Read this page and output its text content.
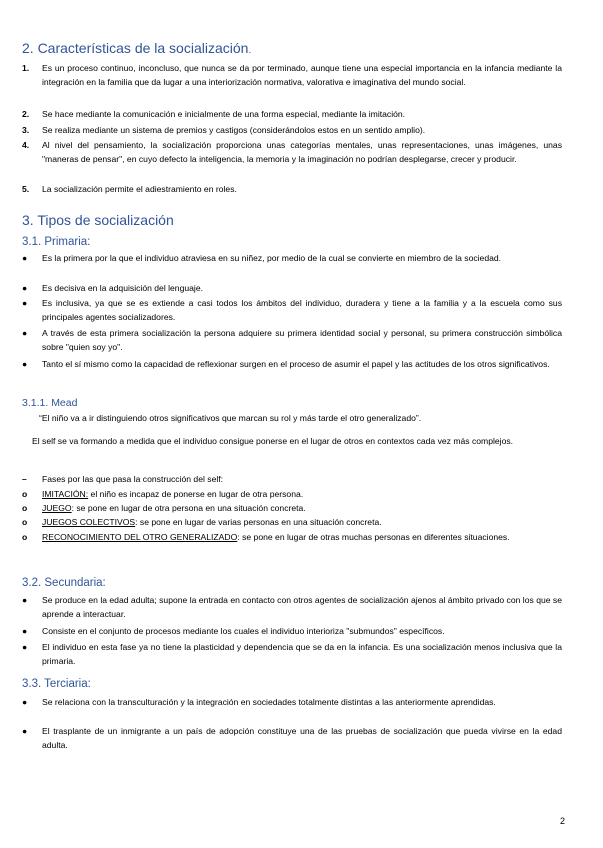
2. Características de la socialización.
1.	Es un proceso continuo, inconcluso, que nunca se da por terminado, aunque tiene una especial importancia en la infancia mediante la integración en la familia que da lugar a una interiorización normativa, valorativa e imaginativa del mundo social.
2.	Se hace mediante la comunicación e inicialmente de una forma especial, mediante la imitación.
3.	Se realiza mediante un sistema de premios y castigos (considerándolos estos en un sentido amplio).
4.	Al nivel del pensamiento, la socialización proporciona unas categorías mentales, unas representaciones, unas imágenes, unas "maneras de pensar", en cuyo defecto la inteligencia, la memoria y la imaginación no podrían desplegarse, crecer y producir.
5.	La socialización permite el adiestramiento en roles.
3. Tipos de socialización
3.1. Primaria:
●	Es la primera por la que el individuo atraviesa en su niñez, por medio de la cual se convierte en miembro de la sociedad.
●	Es decisiva en la adquisición del lenguaje.
●	Es inclusiva, ya que se es extiende a casi todos los ámbitos del individuo, duradera y tiene a la familia y a la escuela como sus principales agentes socializadores.
●	A través de esta primera socialización la persona adquiere su primera identidad social y personal, su primera construcción simbólica sobre "quien soy yo".
●	Tanto el sí mismo como la capacidad de reflexionar surgen en el proceso de asumir el papel y las actitudes de los otros significativos.
3.1.1. Mead
“El niño va a ir distinguiendo otros significativos que marcan su rol y más tarde el otro generalizado”.
El self se va formando a medida que el individuo consigue ponerse en el lugar de otros en contextos cada vez más complejos.
–	Fases por las que pasa la construcción del self:
o	IMITACIÓN: el niño es incapaz de ponerse en lugar de otra persona.
o	JUEGO: se pone en lugar de otra persona en una situación concreta.
o	JUEGOS COLECTIVOS: se pone en lugar de varias personas en una situación concreta.
o	RECONOCIMIENTO DEL OTRO GENERALIZADO: se pone en lugar de otras muchas personas en diferentes situaciones.
3.2. Secundaria:
●	Se produce en la edad adulta; supone la entrada en contacto con otros agentes de socialización ajenos al ámbito privado con los que se aprende a interactuar.
●	Consiste en el conjunto de procesos mediante los cuales el individuo interioriza "submundos" específicos.
●	El individuo en esta fase ya no tiene la plasticidad y dependencia que se da en la infancia. Es una socialización menos inclusiva que la primaria.
3.3. Terciaria:
●	Se relaciona con la transculturación y la integración en sociedades totalmente distintas a las anteriormente aprendidas.
●	El trasplante de un inmigrante a un país de adopción constituye una de las pruebas de socialización que pueda vivirse en la edad adulta.
2
